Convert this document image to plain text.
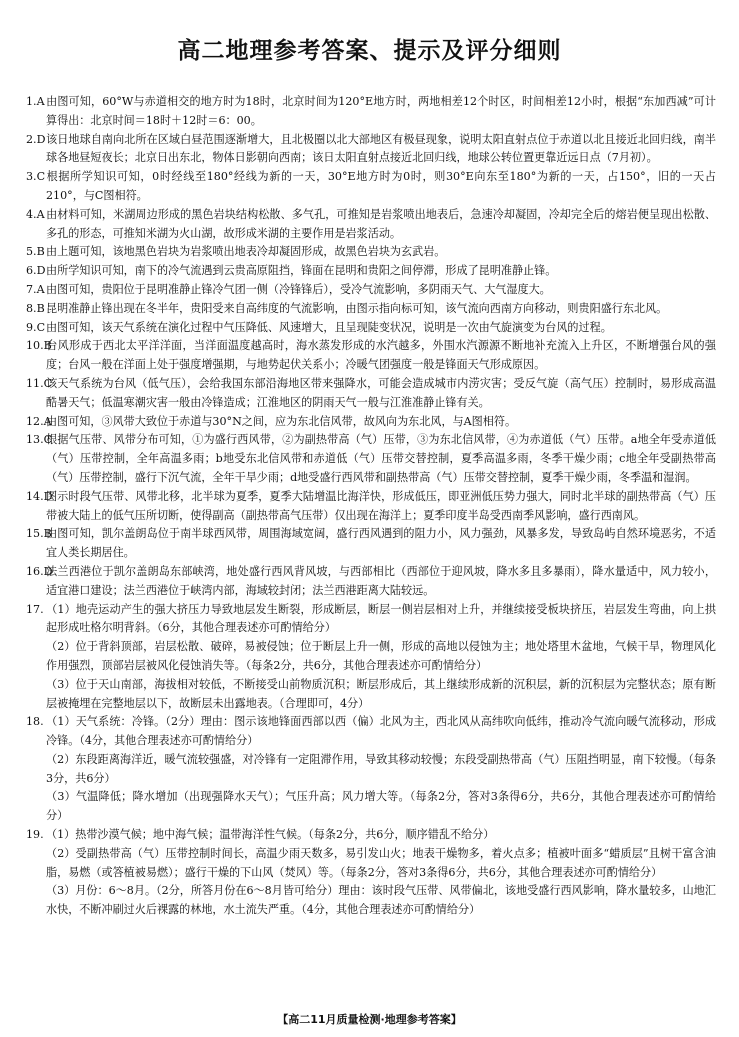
高二地理参考答案、提示及评分细则

1.A由图可知，60°W与赤道相交的地方时为18时，北京时间为120°E地方时，两地相差12个时区，时间相差12小时，根据“东加西减”可计算得出：北京时间＝18时＋12时＝6：00。

2.D该日地球自南向北所在区域白昼范围逐渐增大，且北极圈以北大部地区有极昼现象，说明太阳直射点位于赤道以北且接近北回归线，南半球各地昼短夜长；北京日出东北，物体日影朝向西南；该日太阳直射点接近北回归线，地球公转位置更靠近远日点（7月初）。

3.C根据所学知识可知，0时经线至180°经线为新的一天，30°E地方时为0时，则30°E向东至180°为新的一天，占150°，旧的一天占210°，与C图相符。

4.A由材料可知，米湖周边形成的黑色岩块结构松散、多气孔，可推知是岩浆喷出地表后，急速冷却凝固，冷却完全后的熔岩便呈现出松散、多孔的形态，可推知米湖为火山湖，故形成米湖的主要作用是岩浆活动。

5.B由上题可知，该地黑色岩块为岩浆喷出地表冷却凝固形成，故黑色岩块为玄武岩。

6.D由所学知识可知，南下的冷气流遇到云贵高原阻挡，锋面在昆明和贵阳之间停滞，形成了昆明准静止锋。

7.A由图可知，贵阳位于昆明准静止锋冷气团一侧（冷锋锋后），受冷气流影响，多阴雨天气、大气湿度大。

8.B昆明准静止锋出现在冬半年，贵阳受来自高纬度的气流影响，由图示指向标可知，该气流向西南方向移动，则贵阳盛行东北风。

9.C由图可知，该天气系统在演化过程中气压降低、风速增大，且呈现陡变状况，说明是一次由气旋演变为台风的过程。

10.B台风形成于西北太平洋洋面，当洋面温度越高时，海水蒸发形成的水汽越多，外围水汽源源不断地补充流入上升区，不断增强台风的强度；台风一般在洋面上处于强度增强期，与地势起伏关系小；冷暖气团强度一般是锋面天气形成原因。

11.C该天气系统为台风（低气压），会给我国东部沿海地区带来强降水，可能会造成城市内涝灾害；受反气旋（高气压）控制时，易形成高温酷暑天气；低温寒潮灾害一般由冷锋造成；江淮地区的阴雨天气一般与江淮准静止锋有关。

12.A由图可知，③风带大致位于赤道与30°N之间，应为东北信风带，故风向为东北风，与A图相符。

13.C根据气压带、风带分布可知，①为盛行西风带，②为副热带高（气）压带，③为东北信风带，④为赤道低（气）压带。a地全年受赤道低（气）压带控制，全年高温多雨；b地受东北信风带和赤道低（气）压带交替控制，夏季高温多雨，冬季干燥少雨；c地全年受副热带高（气）压带控制，盛行下沉气流，全年干旱少雨；d地受盛行西风带和副热带高（气）压带交替控制，夏季干燥少雨，冬季温和湿润。

14.D图示时段气压带、风带北移，北半球为夏季，夏季大陆增温比海洋快，形成低压，即亚洲低压势力强大，同时北半球的副热带高（气）压带被大陆上的低气压所切断，使得副高（副热带高气压带）仅出现在海洋上；夏季印度半岛受西南季风影响，盛行西南风。

15.B由图可知，凯尔盖朗岛位于南半球西风带，周围海域宽阔，盛行西风遇到的阻力小，风力强劲，风暴多发，导致岛屿自然环境恶劣，不适宜人类长期居住。

16.D法兰西港位于凯尔盖朗岛东部峡湾，地处盛行西风背风坡，与西部相比（西部位于迎风坡，降水多且多暴雨），降水量适中，风力较小，适宜港口建设；法兰西港位于峡湾内部，海域较封闭；法兰西港距离大陆较远。

17. （1）地壳运动产生的强大挤压力导致地层发生断裂，形成断层，断层一侧岩层相对上升，并继续接受板块挤压，岩层发生弯曲，向上拱起形成吐格尔明背斜。（6分，其他合理表述亦可酌情给分）

（2）位于背斜顶部，岩层松散、破碎，易被侵蚀；位于断层上升一侧，形成的高地以侵蚀为主；地处塔里木盆地，气候干旱，物理风化作用强烈，顶部岩层被风化侵蚀消失等。（每条2分，共6分，其他合理表述亦可酌情给分）

（3）位于天山南部，海拔相对较低，不断接受山前物质沉积；断层形成后，其上继续形成新的沉积层，新的沉积层为完整状态；原有断层被掩埋在完整地层以下，故断层未出露地表。（合理即可，4分）

18. （1）天气系统：冷锋。（2分）理由：图示该地锋面西部以西（偏）北风为主，西北风从高纬吹向低纬，推动冷气流向暖气流移动，形成冷锋。（4分，其他合理表述亦可酌情给分）

（2）东段距离海洋近，暖气流较强盛，对冷锋有一定阻滞作用，导致其移动较慢；东段受副热带高（气）压阻挡明显，南下较慢。（每条3分，共6分）

（3）气温降低；降水增加（出现强降水天气）；气压升高；风力增大等。（每条2分，答对3条得6分，共6分，其他合理表述亦可酌情给分）

19. （1）热带沙漠气候；地中海气候；温带海洋性气候。（每条2分，共6分，顺序错乱不给分）

（2）受副热带高（气）压带控制时间长，高温少雨天数多，易引发山火；地表干燥物多，着火点多；植被叶面多“蜡质层”且树干富含油脂，易燃（或答植被易燃）；盛行干燥的下山风（焚风）等。（每条2分，答对3条得6分，共6分，其他合理表述亦可酌情给分）

（3）月份：6～8月。（2分，所答月份在6～8月皆可给分）理由：该时段气压带、风带偏北，该地受盛行西风影响，降水量较多，山地汇水快，不断冲刷过火后裸露的林地，水土流失严重。（4分，其他合理表述亦可酌情给分）

【高二11月质量检测·地理参考答案】
